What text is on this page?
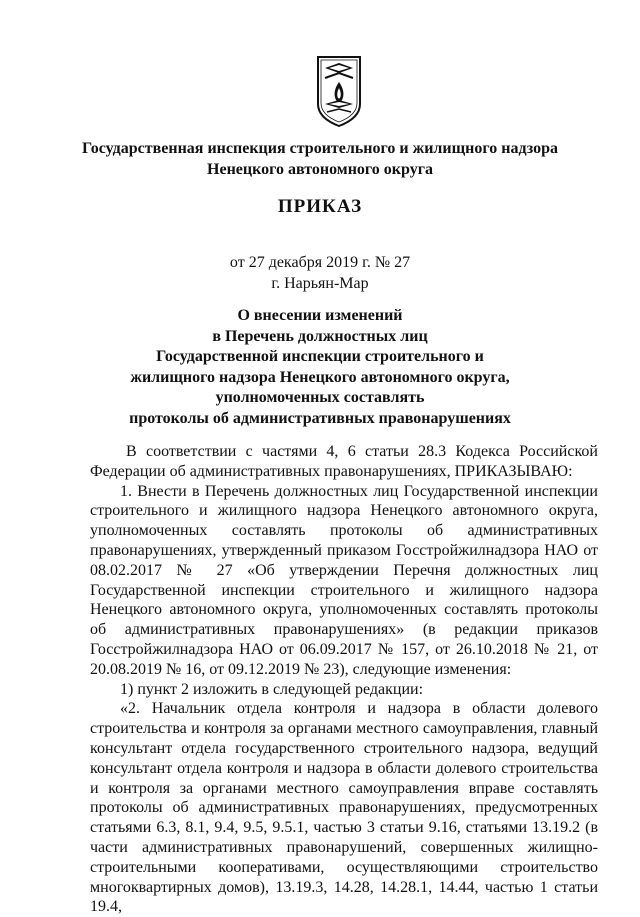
Государственная инспекция строительного и жилищного надзора
Ненецкого автономного округа
ПРИКАЗ
от 27 декабря 2019 г. № 27
г. Нарьян-Мар
О внесении изменений
в Перечень должностных лиц
Государственной инспекции строительного и
жилищного надзора Ненецкого автономного округа,
уполномоченных составлять
протоколы об административных правонарушениях

В соответствии с частями 4, 6 статьи 28.3 Кодекса Российской Федерации об административных правонарушениях, ПРИКАЗЫВАЮ:

1. Внести в Перечень должностных лиц Государственной инспекции строительного и жилищного надзора Ненецкого автономного округа, уполномоченных составлять протоколы об административных правонарушениях, утвержденный приказом Госстройжилнадзора НАО от 08.02.2017 № 27 «Об утверждении Перечня должностных лиц Государственной инспекции строительного и жилищного надзора Ненецкого автономного округа, уполномоченных составлять протоколы об административных правонарушениях» (в редакции приказов Госстройжилнадзора НАО от 06.09.2017 № 157, от 26.10.2018 № 21, от 20.08.2019 № 16, от 09.12.2019 № 23), следующие изменения:

1) пункт 2 изложить в следующей редакции:

«2. Начальник отдела контроля и надзора в области долевого строительства и контроля за органами местного самоуправления, главный консультант отдела государственного строительного надзора, ведущий консультант отдела контроля и надзора в области долевого строительства и контроля за органами местного самоуправления вправе составлять протоколы об административных правонарушениях, предусмотренных статьями 6.3, 8.1, 9.4, 9.5, 9.5.1, частью 3 статьи 9.16, статьями 13.19.2 (в части административных правонарушений, совершенных жилищно-строительными кооперативами, осуществляющими строительство многоквартирных домов), 13.19.3, 14.28, 14.28.1, 14.44, частью 1 статьи 19.4,
